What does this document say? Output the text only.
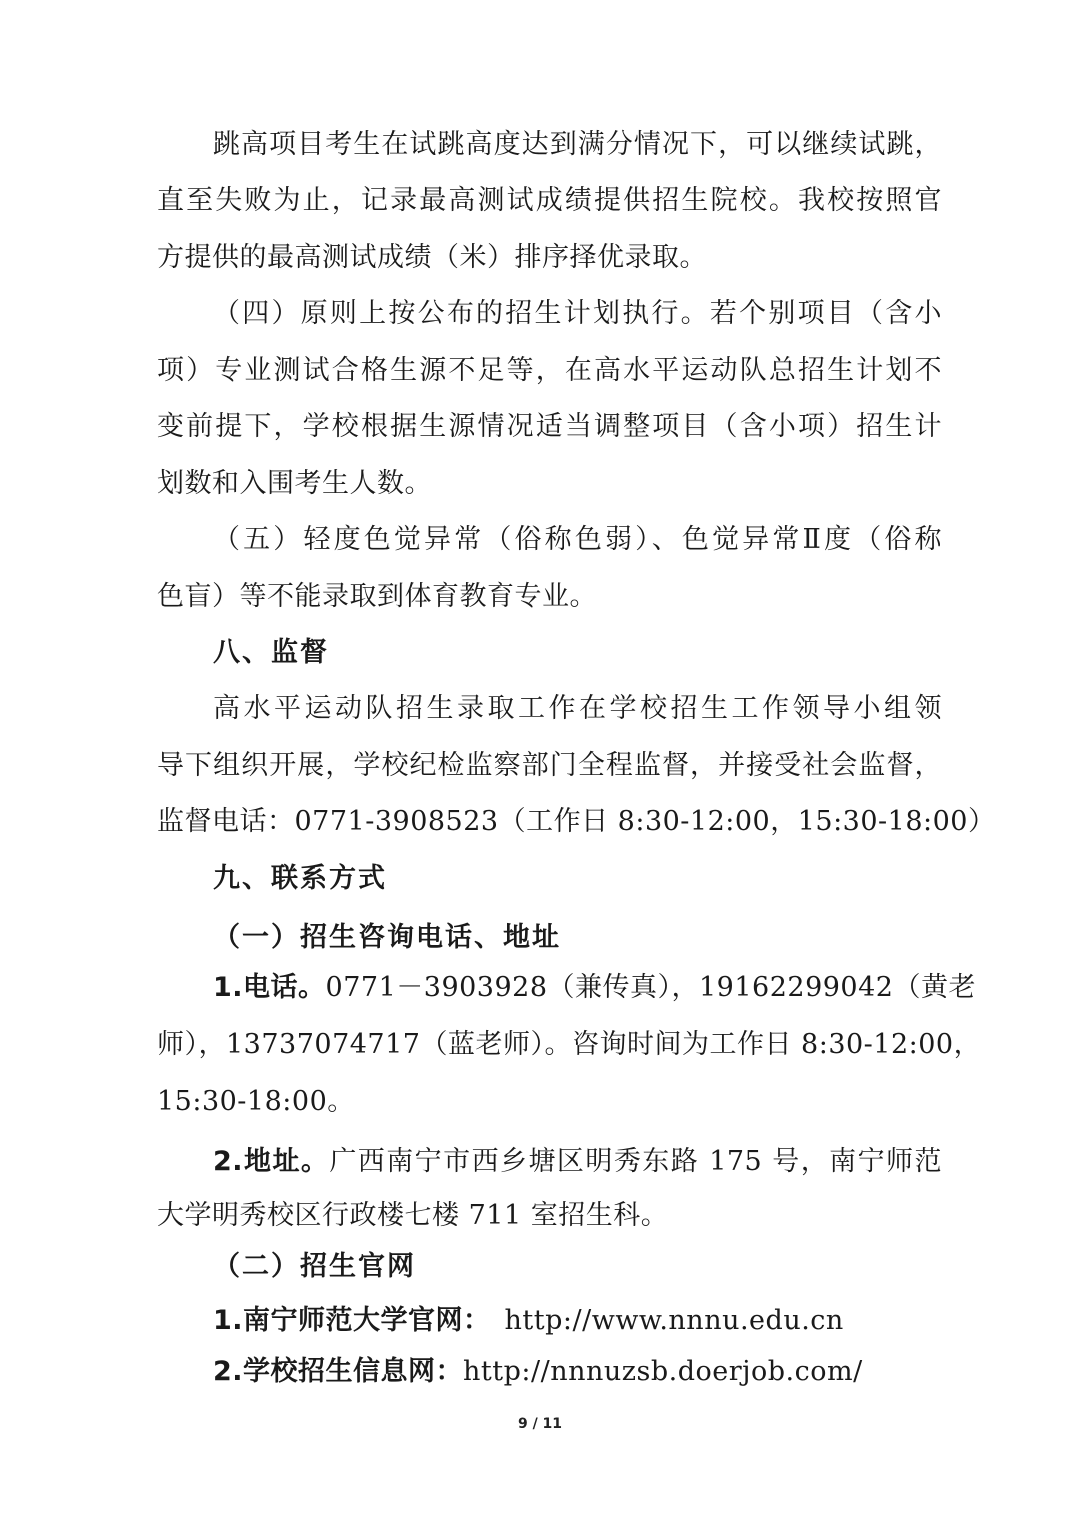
跳高项目考生在试跳高度达到满分情况下，可以继续试跳，
直至失败为止，记录最高测试成绩提供招生院校。我校按照官
方提供的最高测试成绩（米）排序择优录取。
（四）原则上按公布的招生计划执行。若个别项目（含小
项）专业测试合格生源不足等，在高水平运动队总招生计划不
变前提下，学校根据生源情况适当调整项目（含小项）招生计
划数和入围考生人数。
（五）轻度色觉异常（俗称色弱）、色觉异常Ⅱ度（俗称
色盲）等不能录取到体育教育专业。
八、监督
高水平运动队招生录取工作在学校招生工作领导小组领
导下组织开展，学校纪检监察部门全程监督，并接受社会监督，
监督电话：0771-3908523（工作日 8:30-12:00，15:30-18:00）
九、联系方式
（一）招生咨询电话、地址
1.电话。0771－3903928（兼传真），19162299042（黄老
师），13737074717（蓝老师）。咨询时间为工作日 8:30-12:00，
15:30-18:00。
2.地址。广西南宁市西乡塘区明秀东路 175 号，南宁师范
大学明秀校区行政楼七楼 711 室招生科。
（二）招生官网
1.南宁师范大学官网： http://www.nnnu.edu.cn
2.学校招生信息网：http://nnnuzsb.doerjob.com/
9 / 11
